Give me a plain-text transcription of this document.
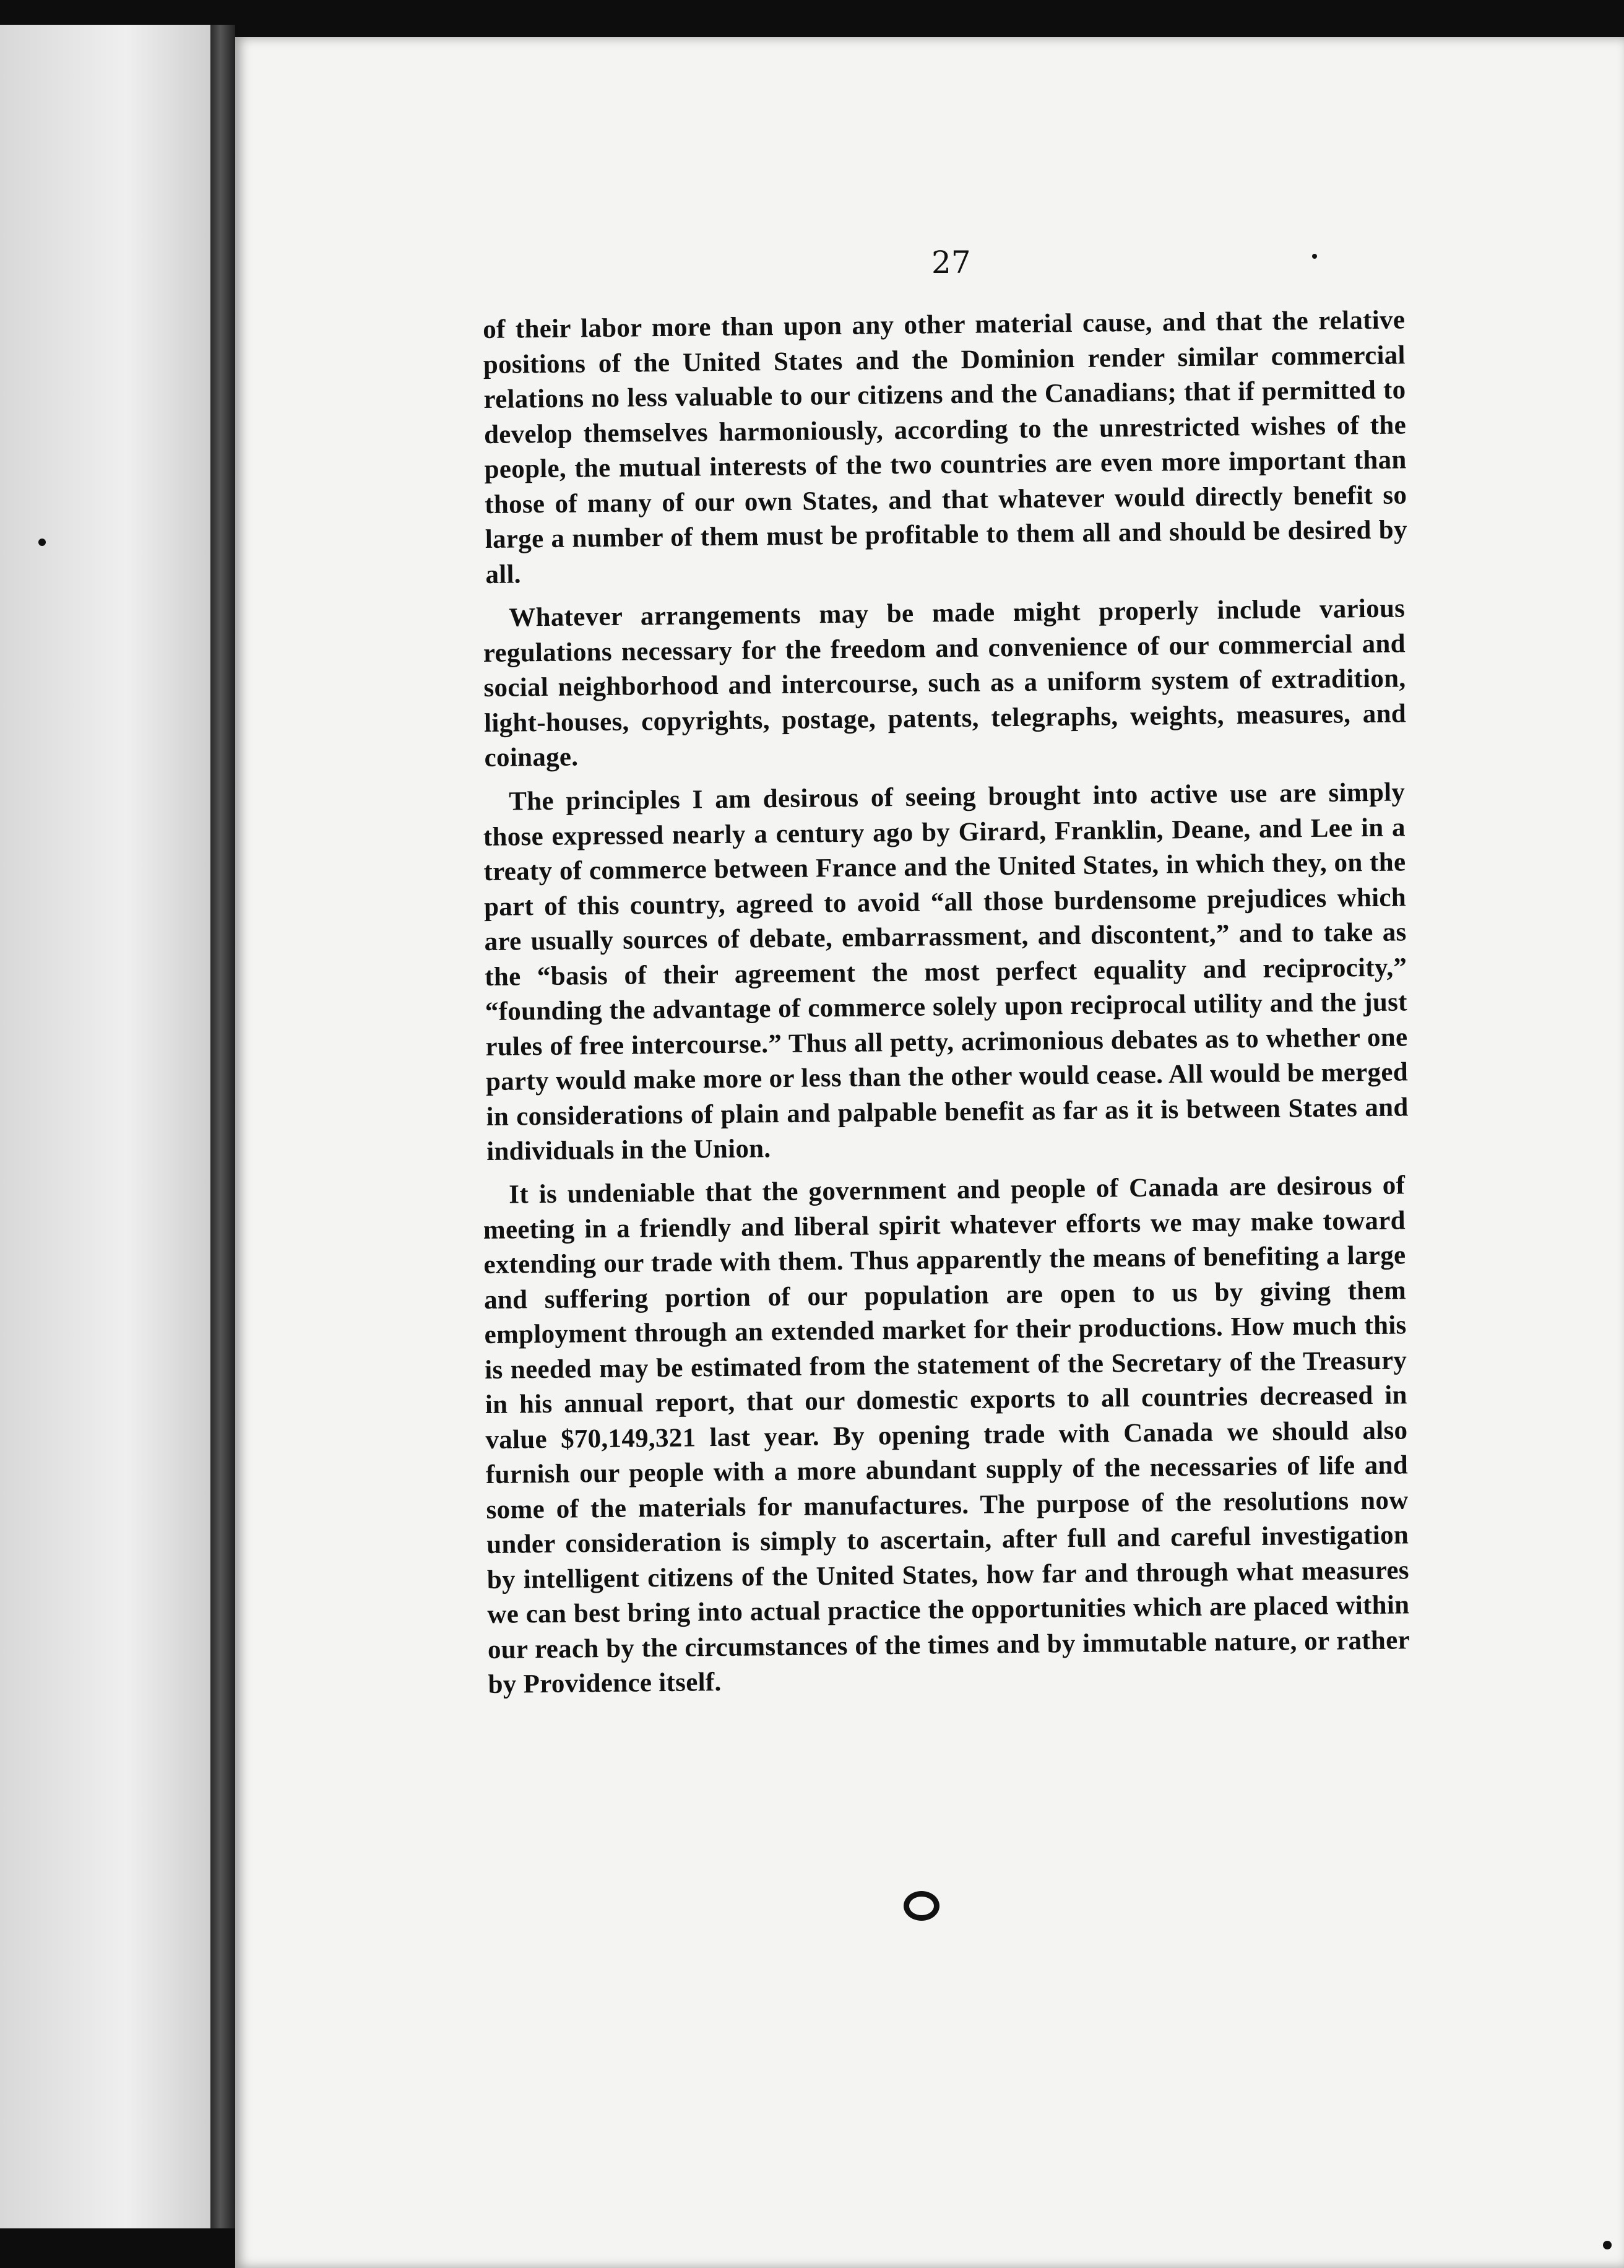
27

of their labor more than upon any other material cause, and that the relative positions of the United States and the Dominion render similar commercial relations no less valuable to our citizens and the Canadians; that if permitted to develop themselves harmoniously, according to the unrestricted wishes of the people, the mutual interests of the two countries are even more important than those of many of our own States, and that whatever would directly benefit so large a number of them must be profitable to them all and should be desired by all.

Whatever arrangements may be made might properly include various regulations necessary for the freedom and convenience of our commercial and social neighborhood and intercourse, such as a uniform system of extradition, light-houses, copyrights, postage, patents, telegraphs, weights, measures, and coinage.

The principles I am desirous of seeing brought into active use are simply those expressed nearly a century ago by Girard, Franklin, Deane, and Lee in a treaty of commerce between France and the United States, in which they, on the part of this country, agreed to avoid “all those burdensome prejudices which are usually sources of debate, embarrassment, and discontent,” and to take as the “basis of their agreement the most perfect equality and reciprocity,” “founding the advantage of commerce solely upon reciprocal utility and the just rules of free intercourse.” Thus all petty, acrimonious debates as to whether one party would make more or less than the other would cease. All would be merged in considerations of plain and palpable benefit as far as it is between States and individuals in the Union.

It is undeniable that the government and people of Canada are desirous of meeting in a friendly and liberal spirit whatever efforts we may make toward extending our trade with them. Thus apparently the means of benefiting a large and suffering portion of our population are open to us by giving them employment through an extended market for their productions. How much this is needed may be estimated from the statement of the Secretary of the Treasury in his annual report, that our domestic exports to all countries decreased in value $70,149,321 last year. By opening trade with Canada we should also furnish our people with a more abundant supply of the necessaries of life and some of the materials for manufactures. The purpose of the resolutions now under consideration is simply to ascertain, after full and careful investigation by intelligent citizens of the United States, how far and through what measures we can best bring into actual practice the opportunities which are placed within our reach by the circumstances of the times and by immutable nature, or rather by Providence itself.
